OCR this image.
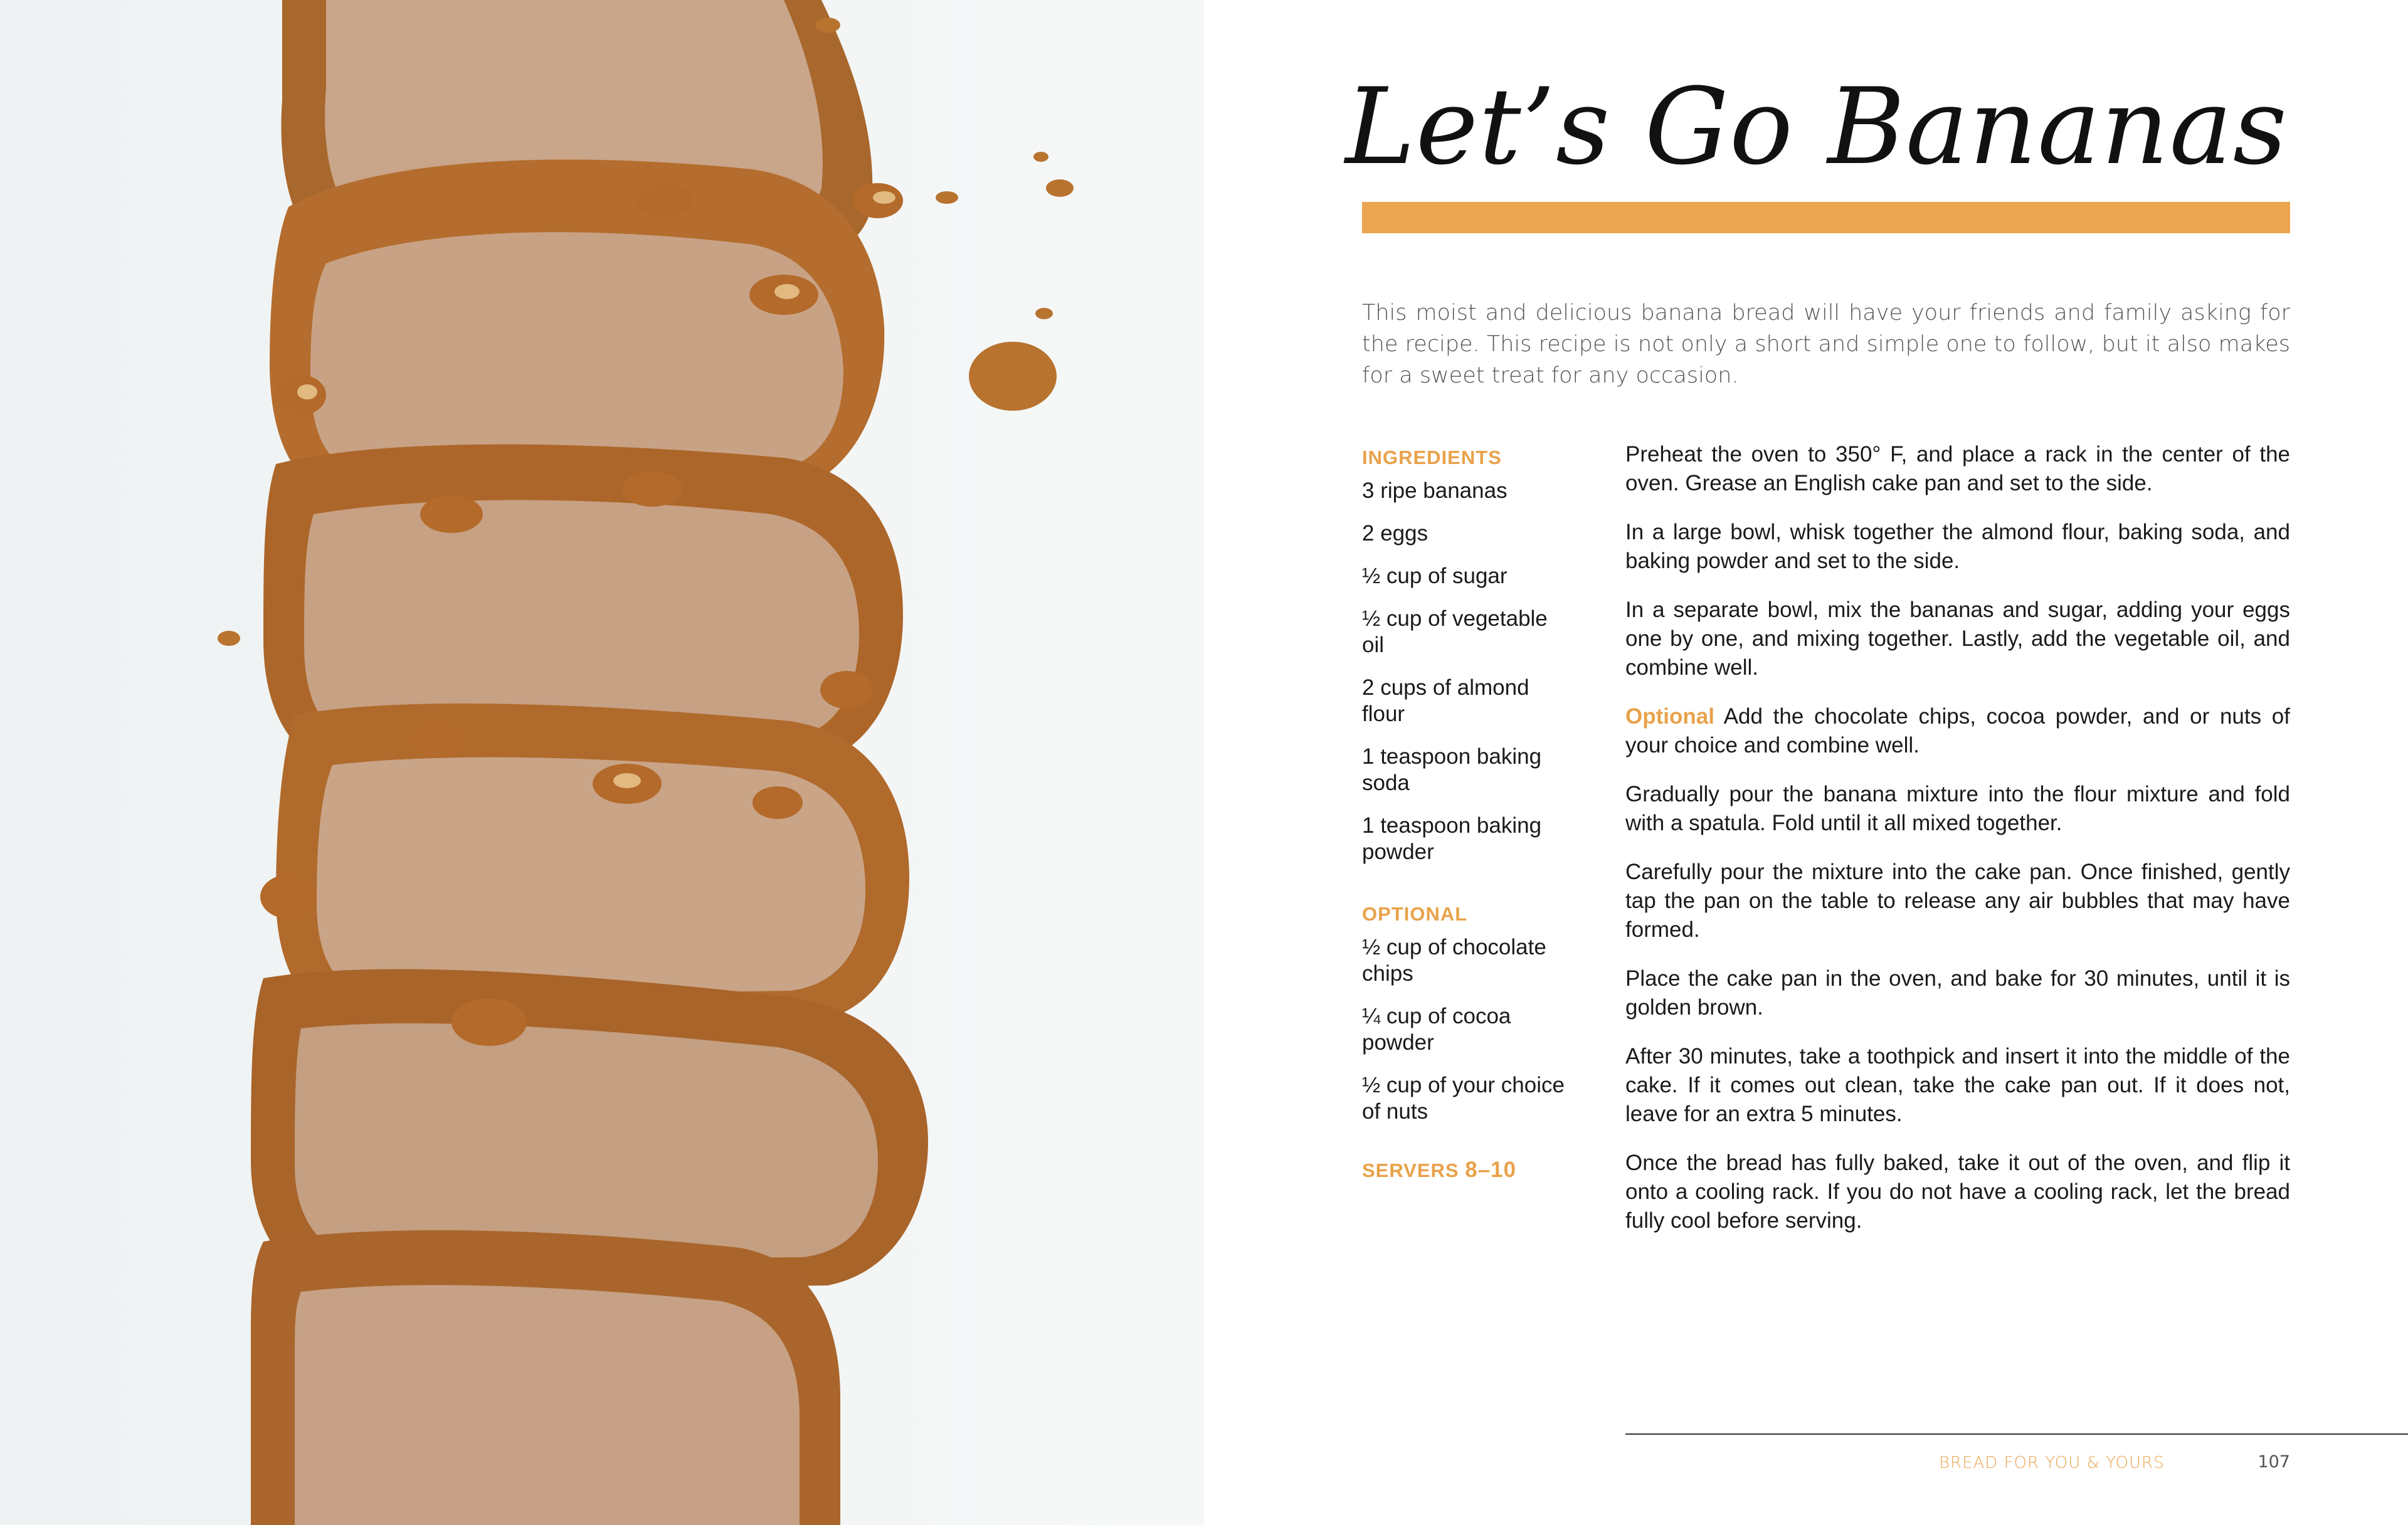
Let’s Go Bananas

This moist and delicious banana bread will have your friends and family asking for the recipe. This recipe is not only a short and simple one to follow, but it also makes for a sweet treat for any occasion.

INGREDIENTS
3 ripe bananas
2 eggs
½ cup of sugar
½ cup of vegetable oil
2 cups of almond flour
1 teaspoon baking soda
1 teaspoon baking powder
OPTIONAL
½ cup of chocolate chips
¼ cup of cocoa powder
½ cup of your choice of nuts
SERVERS 8–10

Preheat the oven to 350° F, and place a rack in the center of the oven. Grease an English cake pan and set to the side.

In a large bowl, whisk together the almond flour, baking soda, and baking powder and set to the side.

In a separate bowl, mix the bananas and sugar, adding your eggs one by one, and mixing together. Lastly, add the vegetable oil, and combine well.

Optional Add the chocolate chips, cocoa powder, and or nuts of your choice and combine well.

Gradually pour the banana mixture into the flour mixture and fold with a spatula. Fold until it all mixed together.

Carefully pour the mixture into the cake pan. Once finished, gently tap the pan on the table to release any air bubbles that may have formed.

Place the cake pan in the oven, and bake for 30 minutes, until it is golden brown.

After 30 minutes, take a toothpick and insert it into the middle of the cake. If it comes out clean, take the cake pan out. If it does not, leave for an extra 5 minutes.

Once the bread has fully baked, take it out of the oven, and flip it onto a cooling rack. If you do not have a cooling rack, let the bread fully cool before serving.

BREAD FOR YOU & YOURS	107
